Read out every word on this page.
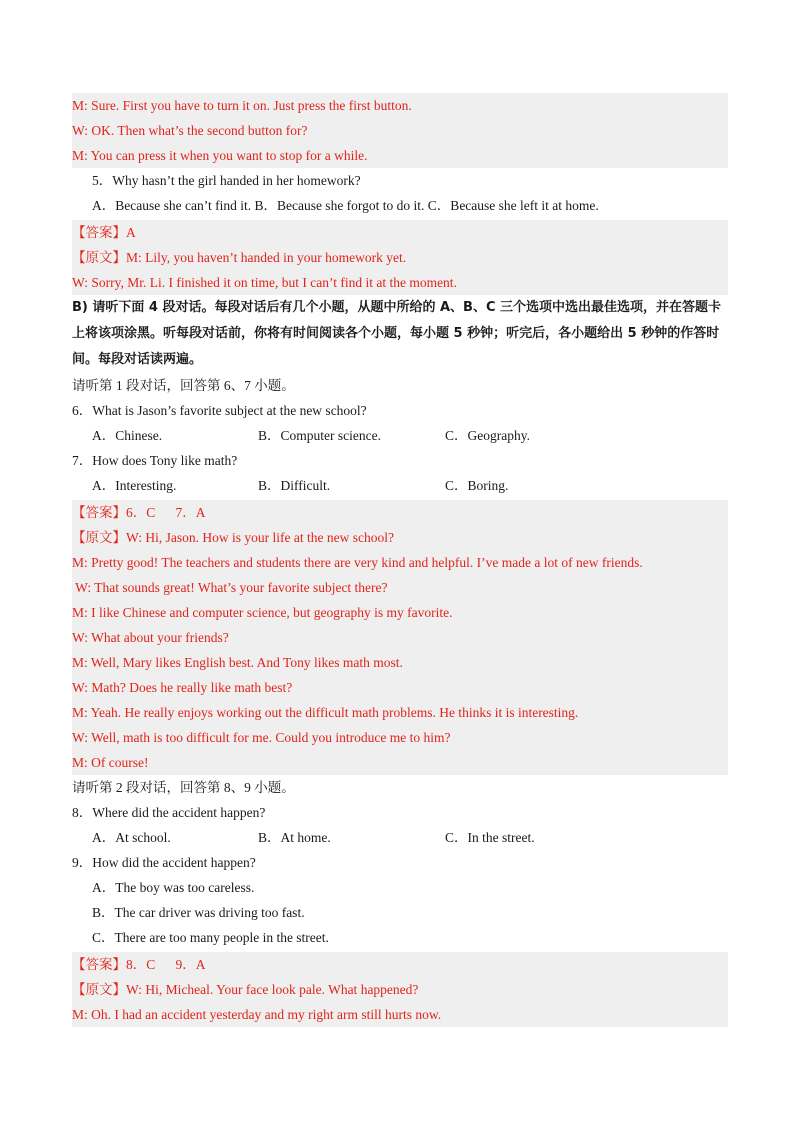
M: Sure. First you have to turn it on. Just press the first button.
W: OK. Then what’s the second button for?
M: You can press it when you want to stop for a while.
5．Why hasn’t the girl handed in her homework?
A．Because she can’t find it. B．Because she forgot to do it. C．Because she left it at home.
【答案】A
【原文】M: Lily, you haven’t handed in your homework yet.
W: Sorry, Mr. Li. I finished it on time, but I can’t find it at the moment.
B) 请听下面 4 段对话。每段对话后有几个小题，从题中所给的 A、B、C 三个选项中选出最佳选项，并在答题卡上将该项涂黑。听每段对话前，你将有时间阅读各个小题，每小题 5 秒钟；听完后，各小题给出 5 秒钟的作答时间。每段对话读两遍。
请听第 1 段对话，回答第 6、7 小题。
6．What is Jason’s favorite subject at the new school?
A．Chinese.	B．Computer science.	C．Geography.
7．How does Tony like math?
A．Interesting.	B．Difficult.	C．Boring.
【答案】6．C      7．A
【原文】W: Hi, Jason. How is your life at the new school?
M: Pretty good! The teachers and students there are very kind and helpful. I’ve made a lot of new friends.
W: That sounds great! What’s your favorite subject there?
M: I like Chinese and computer science, but geography is my favorite.
W: What about your friends?
M: Well, Mary likes English best. And Tony likes math most.
W: Math? Does he really like math best?
M: Yeah. He really enjoys working out the difficult math problems. He thinks it is interesting.
W: Well, math is too difficult for me. Could you introduce me to him?
M: Of course!
请听第 2 段对话，回答第 8、9 小题。
8．Where did the accident happen?
A．At school.	B．At home.	C．In the street.
9．How did the accident happen?
A．The boy was too careless.
B．The car driver was driving too fast.
C．There are too many people in the street.
【答案】8．C      9．A
【原文】W: Hi, Micheal. Your face look pale. What happened?
M: Oh. I had an accident yesterday and my right arm still hurts now.
